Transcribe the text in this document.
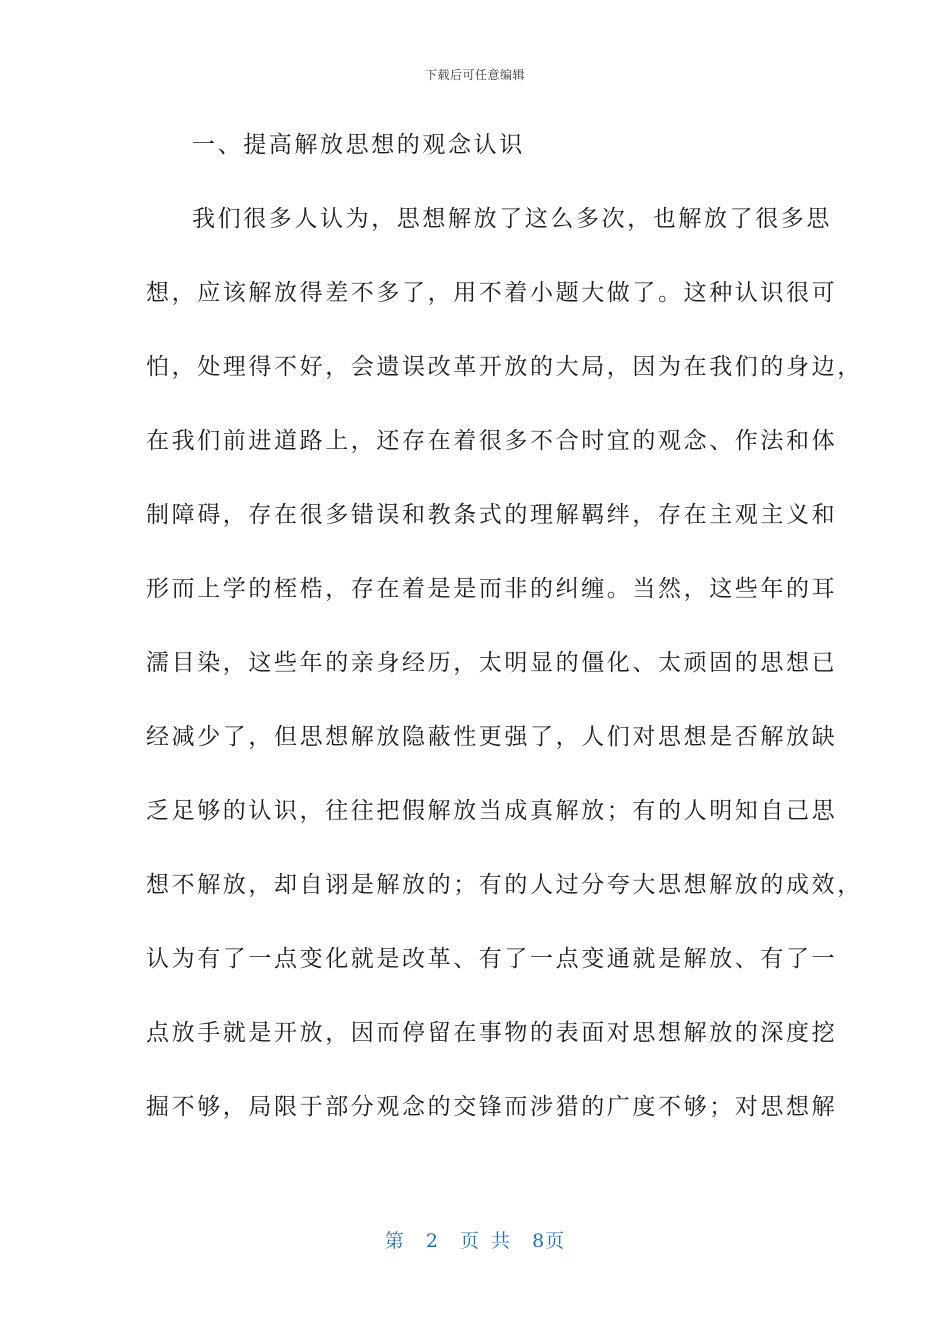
下载后可任意编辑
一、提高解放思想的观念认识
我们很多人认为，思想解放了这么多次，也解放了很多思
想，应该解放得差不多了，用不着小题大做了。这种认识很可
怕，处理得不好，会遗误改革开放的大局，因为在我们的身边，
在我们前进道路上，还存在着很多不合时宜的观念、作法和体
制障碍，存在很多错误和教条式的理解羁绊，存在主观主义和
形而上学的桎梏，存在着是是而非的纠缠。当然，这些年的耳
濡目染，这些年的亲身经历，太明显的僵化、太顽固的思想已
经减少了，但思想解放隐蔽性更强了，人们对思想是否解放缺
乏足够的认识，往往把假解放当成真解放；有的人明知自己思
想不解放，却自诩是解放的；有的人过分夸大思想解放的成效，
认为有了一点变化就是改革、有了一点变通就是解放、有了一
点放手就是开放，因而停留在事物的表面对思想解放的深度挖
掘不够，局限于部分观念的交锋而涉猎的广度不够；对思想解
第 2 页 共 8页
